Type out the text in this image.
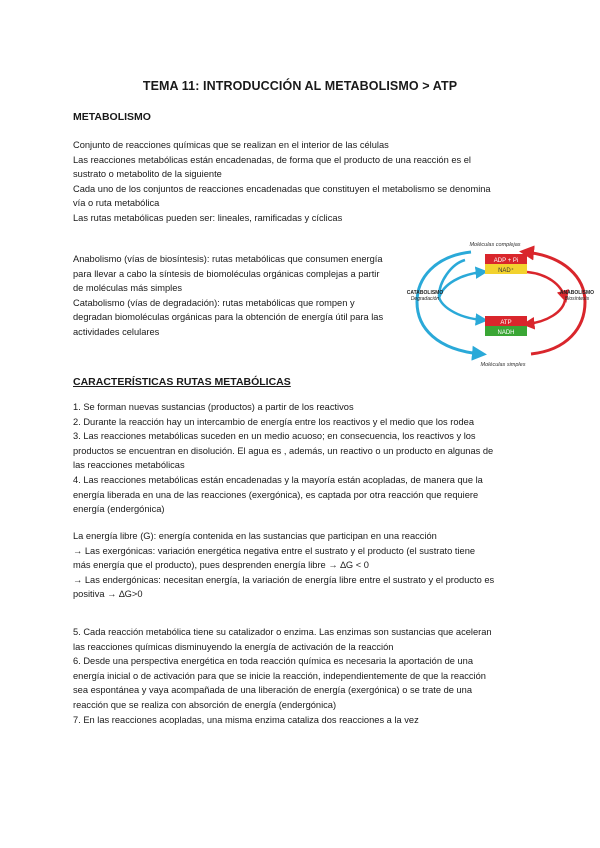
TEMA 11: INTRODUCCIÓN AL METABOLISMO > ATP
METABOLISMO

Conjunto de reacciones químicas que se realizan en el interior de las células

Las reacciones metabólicas están encadenadas, de forma que el producto de una reacción es el

sustrato o metabolito de la siguiente

Cada uno de los conjuntos de reacciones encadenadas que constituyen el metabolismo se denomina

vía o ruta metabólica

Las rutas metabólicas pueden ser: lineales, ramificadas y cíclicas

Anabolismo (vías de biosíntesis): rutas metabólicas que consumen energía

para llevar a cabo la síntesis de biomoléculas orgánicas complejas a partir

de moléculas más simples

Catabolismo (vías de degradación): rutas metabólicas que rompen y

degradan biomoléculas orgánicas para la obtención de energía útil para las

actividades celulares

ADP + Pi
NAD⁺
ATP
NADH
Moléculas complejas
Moléculas simples
CATABOLISMO
Degradación
ANABOLISMO
Biosíntesis
CARACTERÍSTICAS RUTAS METABÓLICAS

1. Se forman nuevas sustancias (productos) a partir de los reactivos

2. Durante la reacción hay un intercambio de energía entre los reactivos y el medio que los rodea

3. Las reacciones metabólicas suceden en un medio acuoso; en consecuencia, los reactivos y los

productos se encuentran en disolución. El agua es , además, un reactivo o un producto en algunas de

las reacciones metabólicas

4. Las reacciones metabólicas están encadenadas y la mayoría están acopladas, de manera que la

energía liberada en una de las reacciones (exergónica), es captada por otra reacción que requiere

energía (endergónica)

La energía libre (G): energía contenida en las sustancias que participan en una reacción

→ Las exergónicas: variación energética negativa entre el sustrato y el producto (el sustrato tiene

más energía que el producto), pues desprenden energía libre → ∆G < 0

→ Las endergónicas: necesitan energía, la variación de energía libre entre el sustrato y el producto es

positiva → ∆G>0

5. Cada reacción metabólica tiene su catalizador o enzima. Las enzimas son sustancias que aceleran

las reacciones químicas disminuyendo la energía de activación de la reacción

6. Desde una perspectiva energética en toda reacción química es necesaria la aportación de una

energía inicial o de activación para que se inicie la reacción, independientemente de que la reacción

sea espontánea y vaya acompañada de una liberación de energía (exergónica) o se trate de una

reacción que se realiza con absorción de energía (endergónica)

7. En las reacciones acopladas, una misma enzima cataliza dos reacciones a la vez
